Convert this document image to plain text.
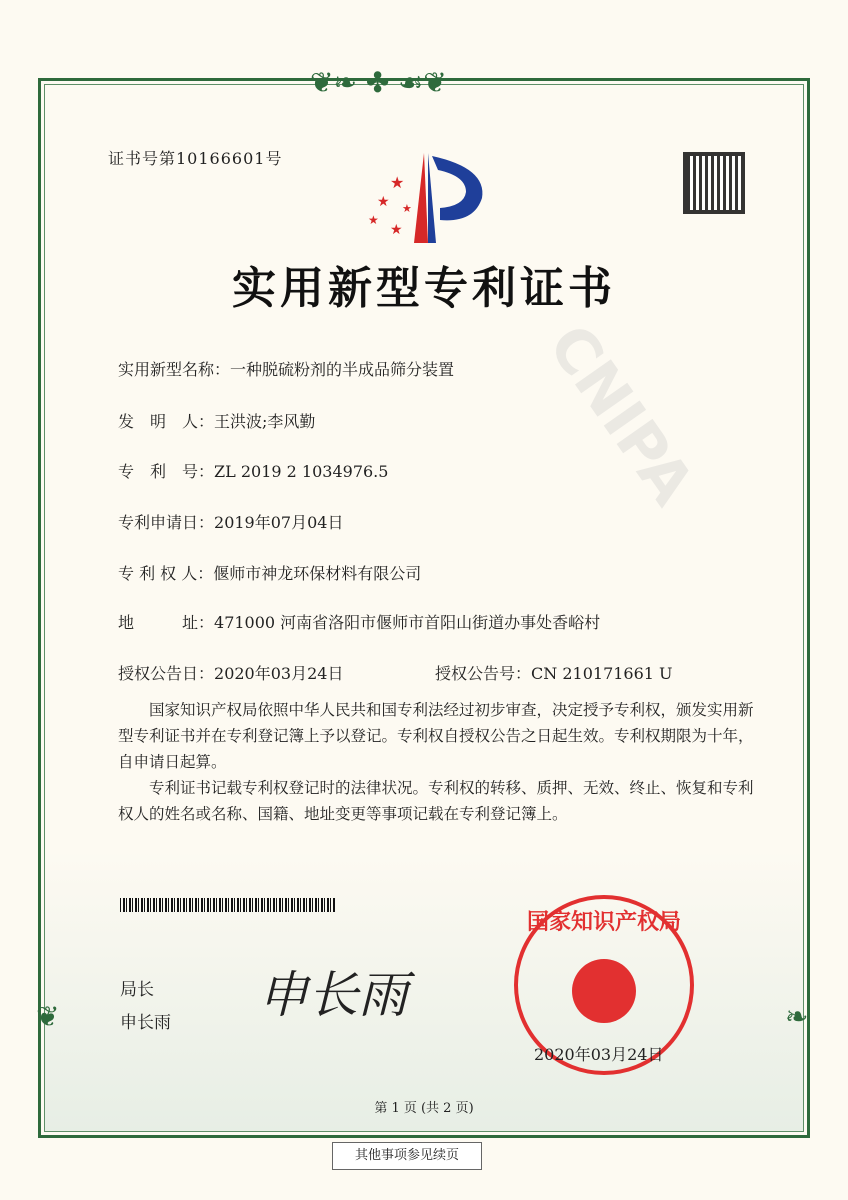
❦❧ ✤ ☙❦
❦	❧
CNIPA
证书号第10166601号
★
★
★
★
★
实用新型专利证书
实用新型名称：一种脱硫粉剂的半成品筛分装置
发　明　人：王洪波;李风勤
专　利　号：ZL 2019 2 1034976.5
专利申请日：2019年07月04日
专 利 权 人：偃师市神龙环保材料有限公司
地　　　址：471000 河南省洛阳市偃师市首阳山街道办事处香峪村
授权公告日：2020年03月24日	授权公告号：CN 210171661 U
国家知识产权局依照中华人民共和国专利法经过初步审查，决定授予专利权，颁发实用新型专利证书并在专利登记簿上予以登记。专利权自授权公告之日起生效。专利权期限为十年，自申请日起算。
专利证书记载专利权登记时的法律状况。专利权的转移、质押、无效、终止、恢复和专利权人的姓名或名称、国籍、地址变更等事项记载在专利登记簿上。
局长
申长雨 申长雨
国家知识产权局
2020年03月24日
第 1 页 (共 2 页)
其他事项参见续页
